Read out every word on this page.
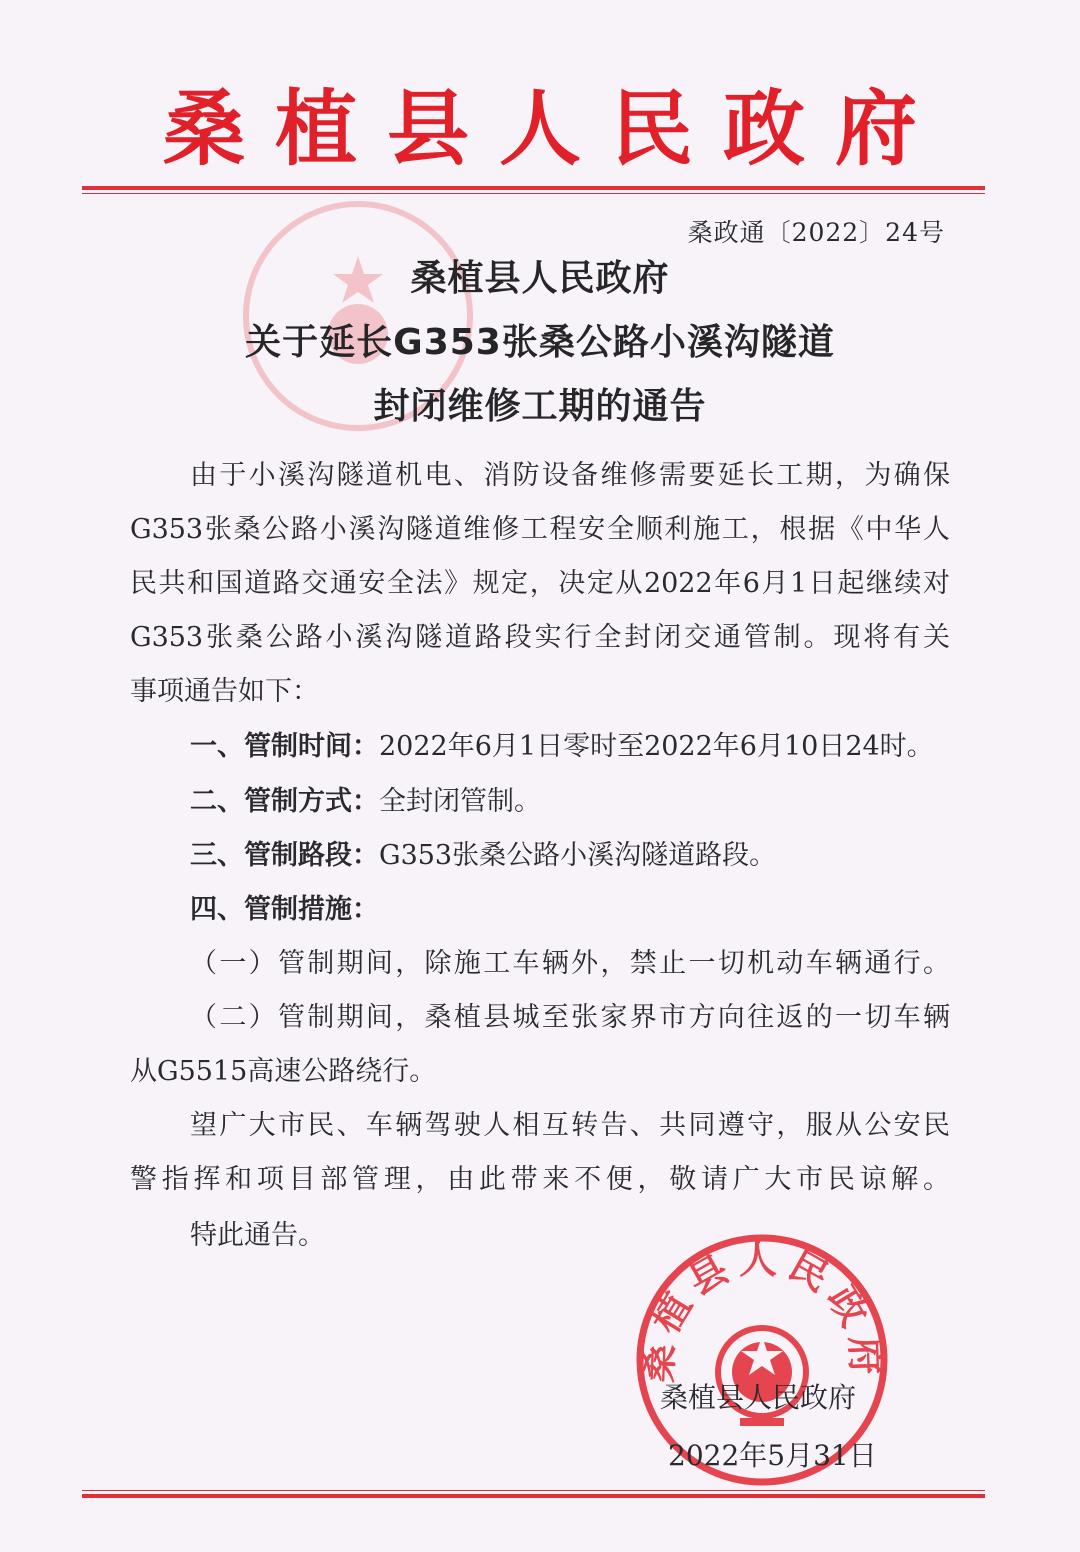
桑植县人民政府
桑政通〔2022〕24号
桑植县人民政府
关于延长G353张桑公路小溪沟隧道
封闭维修工期的通告
由于小溪沟隧道机电、消防设备维修需要延长工期，为确保
G353张桑公路小溪沟隧道维修工程安全顺利施工，根据《中华人
民共和国道路交通安全法》规定，决定从2022年6月1日起继续对
G353张桑公路小溪沟隧道路段实行全封闭交通管制。现将有关
事项通告如下：
一、管制时间：2022年6月1日零时至2022年6月10日24时。
二、管制方式：全封闭管制。
三、管制路段：G353张桑公路小溪沟隧道路段。
四、管制措施：
（一）管制期间，除施工车辆外，禁止一切机动车辆通行。
（二）管制期间，桑植县城至张家界市方向往返的一切车辆
从G5515高速公路绕行。
望广大市民、车辆驾驶人相互转告、共同遵守，服从公安民
警指挥和项目部管理，由此带来不便，敬请广大市民谅解。
特此通告。
桑植县人民政府
桑植县人民政府
2022年5月31日
